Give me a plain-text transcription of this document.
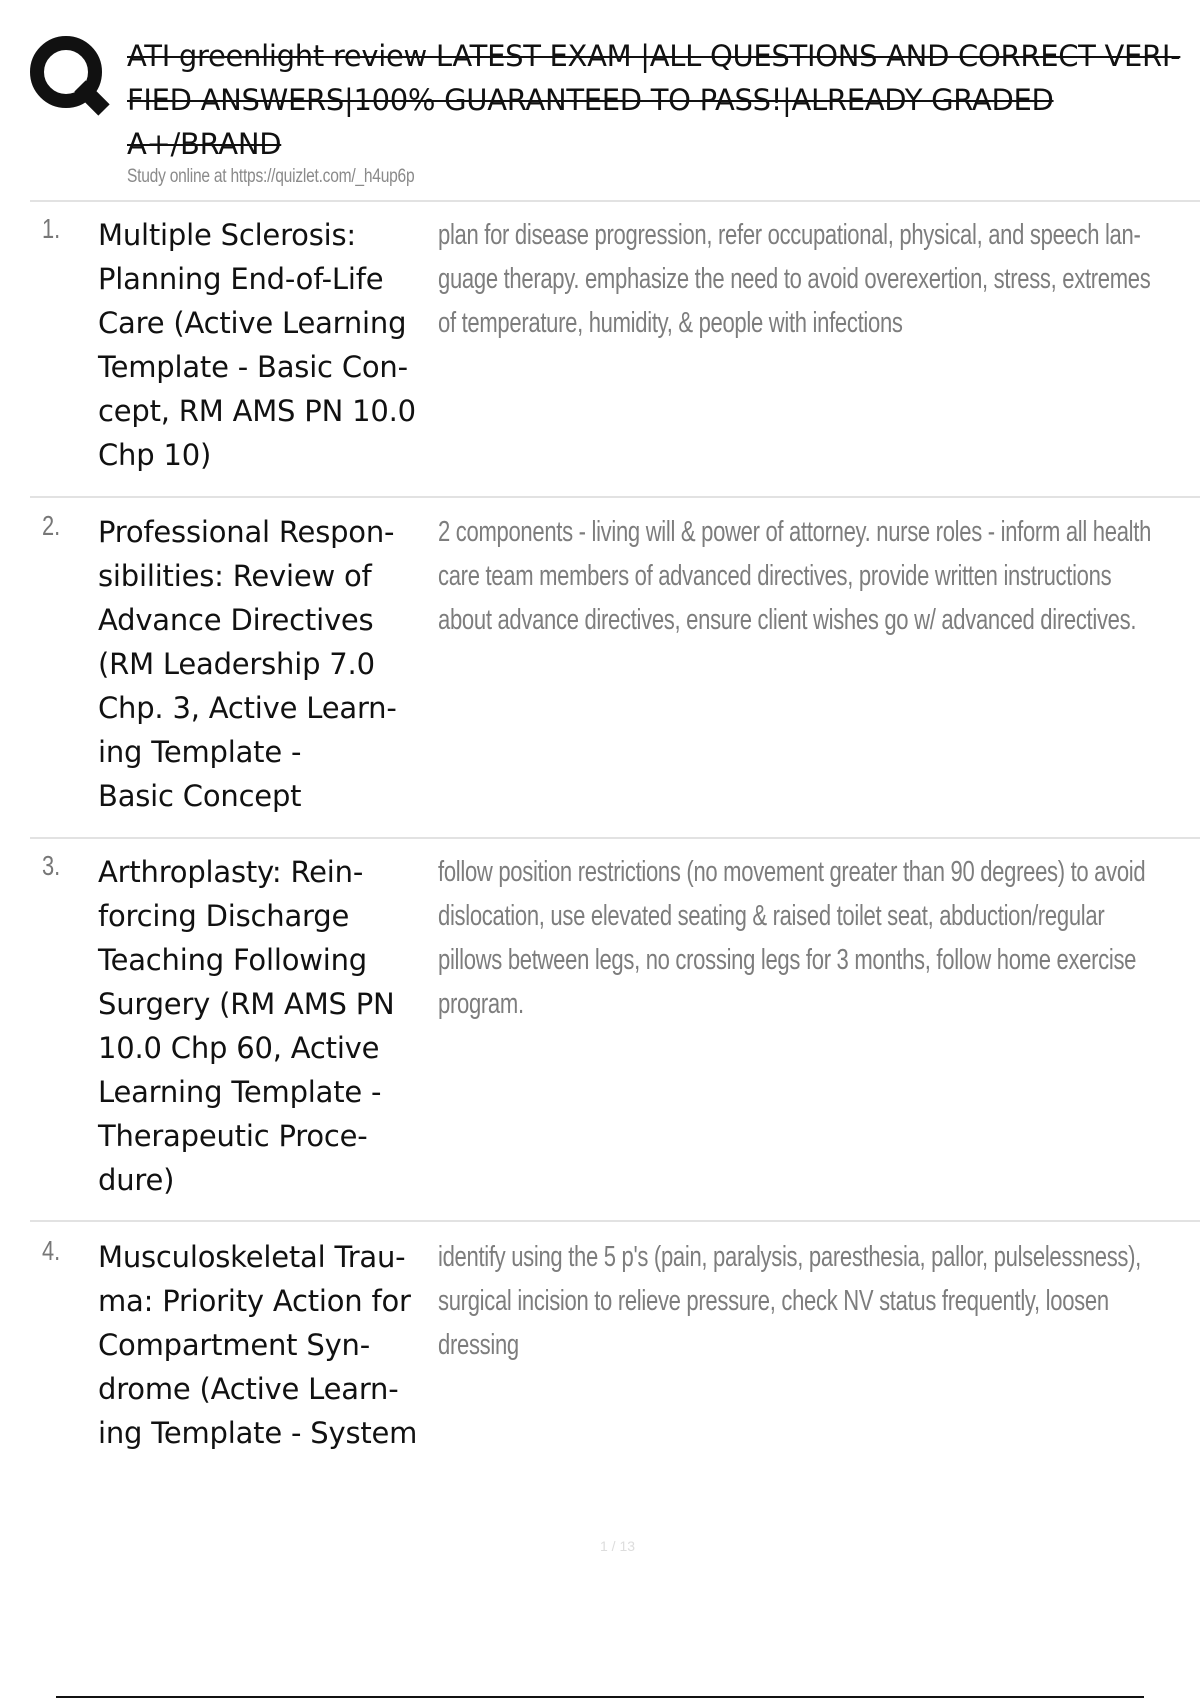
ATI greenlight review LATEST EXAM |ALL QUESTIONS AND CORRECT VERI-
FIED ANSWERS|100% GUARANTEED TO PASS!|ALREADY GRADED A+/BRAND

Study online at https://quizlet.com/_h4up6p
1. Multiple Sclerosis:
Planning End-of-Life
Care (Active Learning
Template - Basic Con-
cept, RM AMS PN 10.0
Chp 10)
plan for disease progression, refer occupational, physical, and speech lan-
guage therapy. emphasize the need to avoid overexertion, stress, extremes
of temperature, humidity, & people with infections
2. Professional Respon-
sibilities: Review of
Advance Directives
(RM Leadership 7.0
Chp. 3, Active Learn-
ing Template -
Basic Concept
2 components - living will & power of attorney. nurse roles - inform all health
care team members of advanced directives, provide written instructions
about advance directives, ensure client wishes go w/ advanced directives.
3. Arthroplasty: Rein-
forcing Discharge
Teaching Following
Surgery (RM AMS PN
10.0 Chp 60, Active
Learning Template -
Therapeutic Proce-
dure)
follow position restrictions (no movement greater than 90 degrees) to avoid
dislocation, use elevated seating & raised toilet seat, abduction/regular
pillows between legs, no crossing legs for 3 months, follow home exercise
program.
4. Musculoskeletal Trau-
ma: Priority Action for
Compartment Syn-
drome (Active Learn-
ing Template - System
identify using the 5 p's (pain, paralysis, paresthesia, pallor, pulselessness),
surgical incision to relieve pressure, check NV status frequently, loosen
dressing
1 / 13
